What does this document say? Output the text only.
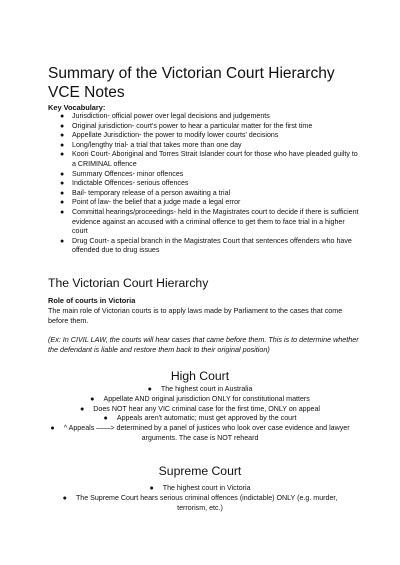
Summary of the Victorian Court Hierarchy VCE Notes

Key Vocabulary:

● Jurisdiction- official power over legal decisions and judgements
● Original jurisdiction- court's power to hear a particular matter for the first time
● Appellate Jurisdiction- the power to modify lower courts' decisions
● Long/lengthy trial- a trial that takes more than one day
● Koori Court- Aboriginal and Torres Strait Islander court for those who have pleaded guilty to a CRIMINAL offence
● Summary Offences- minor offences
● Indictable Offences- serious offences
● Bail- temporary release of a person awaiting a trial
● Point of law- the belief that a judge made a legal error
● Committal hearings/proceedings- held in the Magistrates court to decide if there is sufficient evidence against an accused with a criminal offence to get them to face trial in a higher court
● Drug Court- a special branch in the Magistrates Court that sentences offenders who have offended due to drug issues
The Victorian Court Hierarchy

Role of courts in Victoria

The main role of Victorian courts is to apply laws made by Parliament to the cases that come before them.

(Ex: In CIVIL LAW, the courts will hear cases that came before them. This is to determine whether the defendant is liable and restore them back to their original position)

High Court
● The highest court in Australia
● Appellate AND original jurisdiction ONLY for constitutional matters
● Does NOT hear any VIC criminal case for the first time, ONLY on appeal
● Appeals aren't automatic; must get approved by the court
● ^ Appeals ——> determined by a panel of justices who look over case evidence and lawyer arguments. The case is NOT reheard
Supreme Court
● The highest court in Victoria
● The Supreme Court hears serious criminal offences (indictable) ONLY (e.g. murder, terrorism, etc.)
